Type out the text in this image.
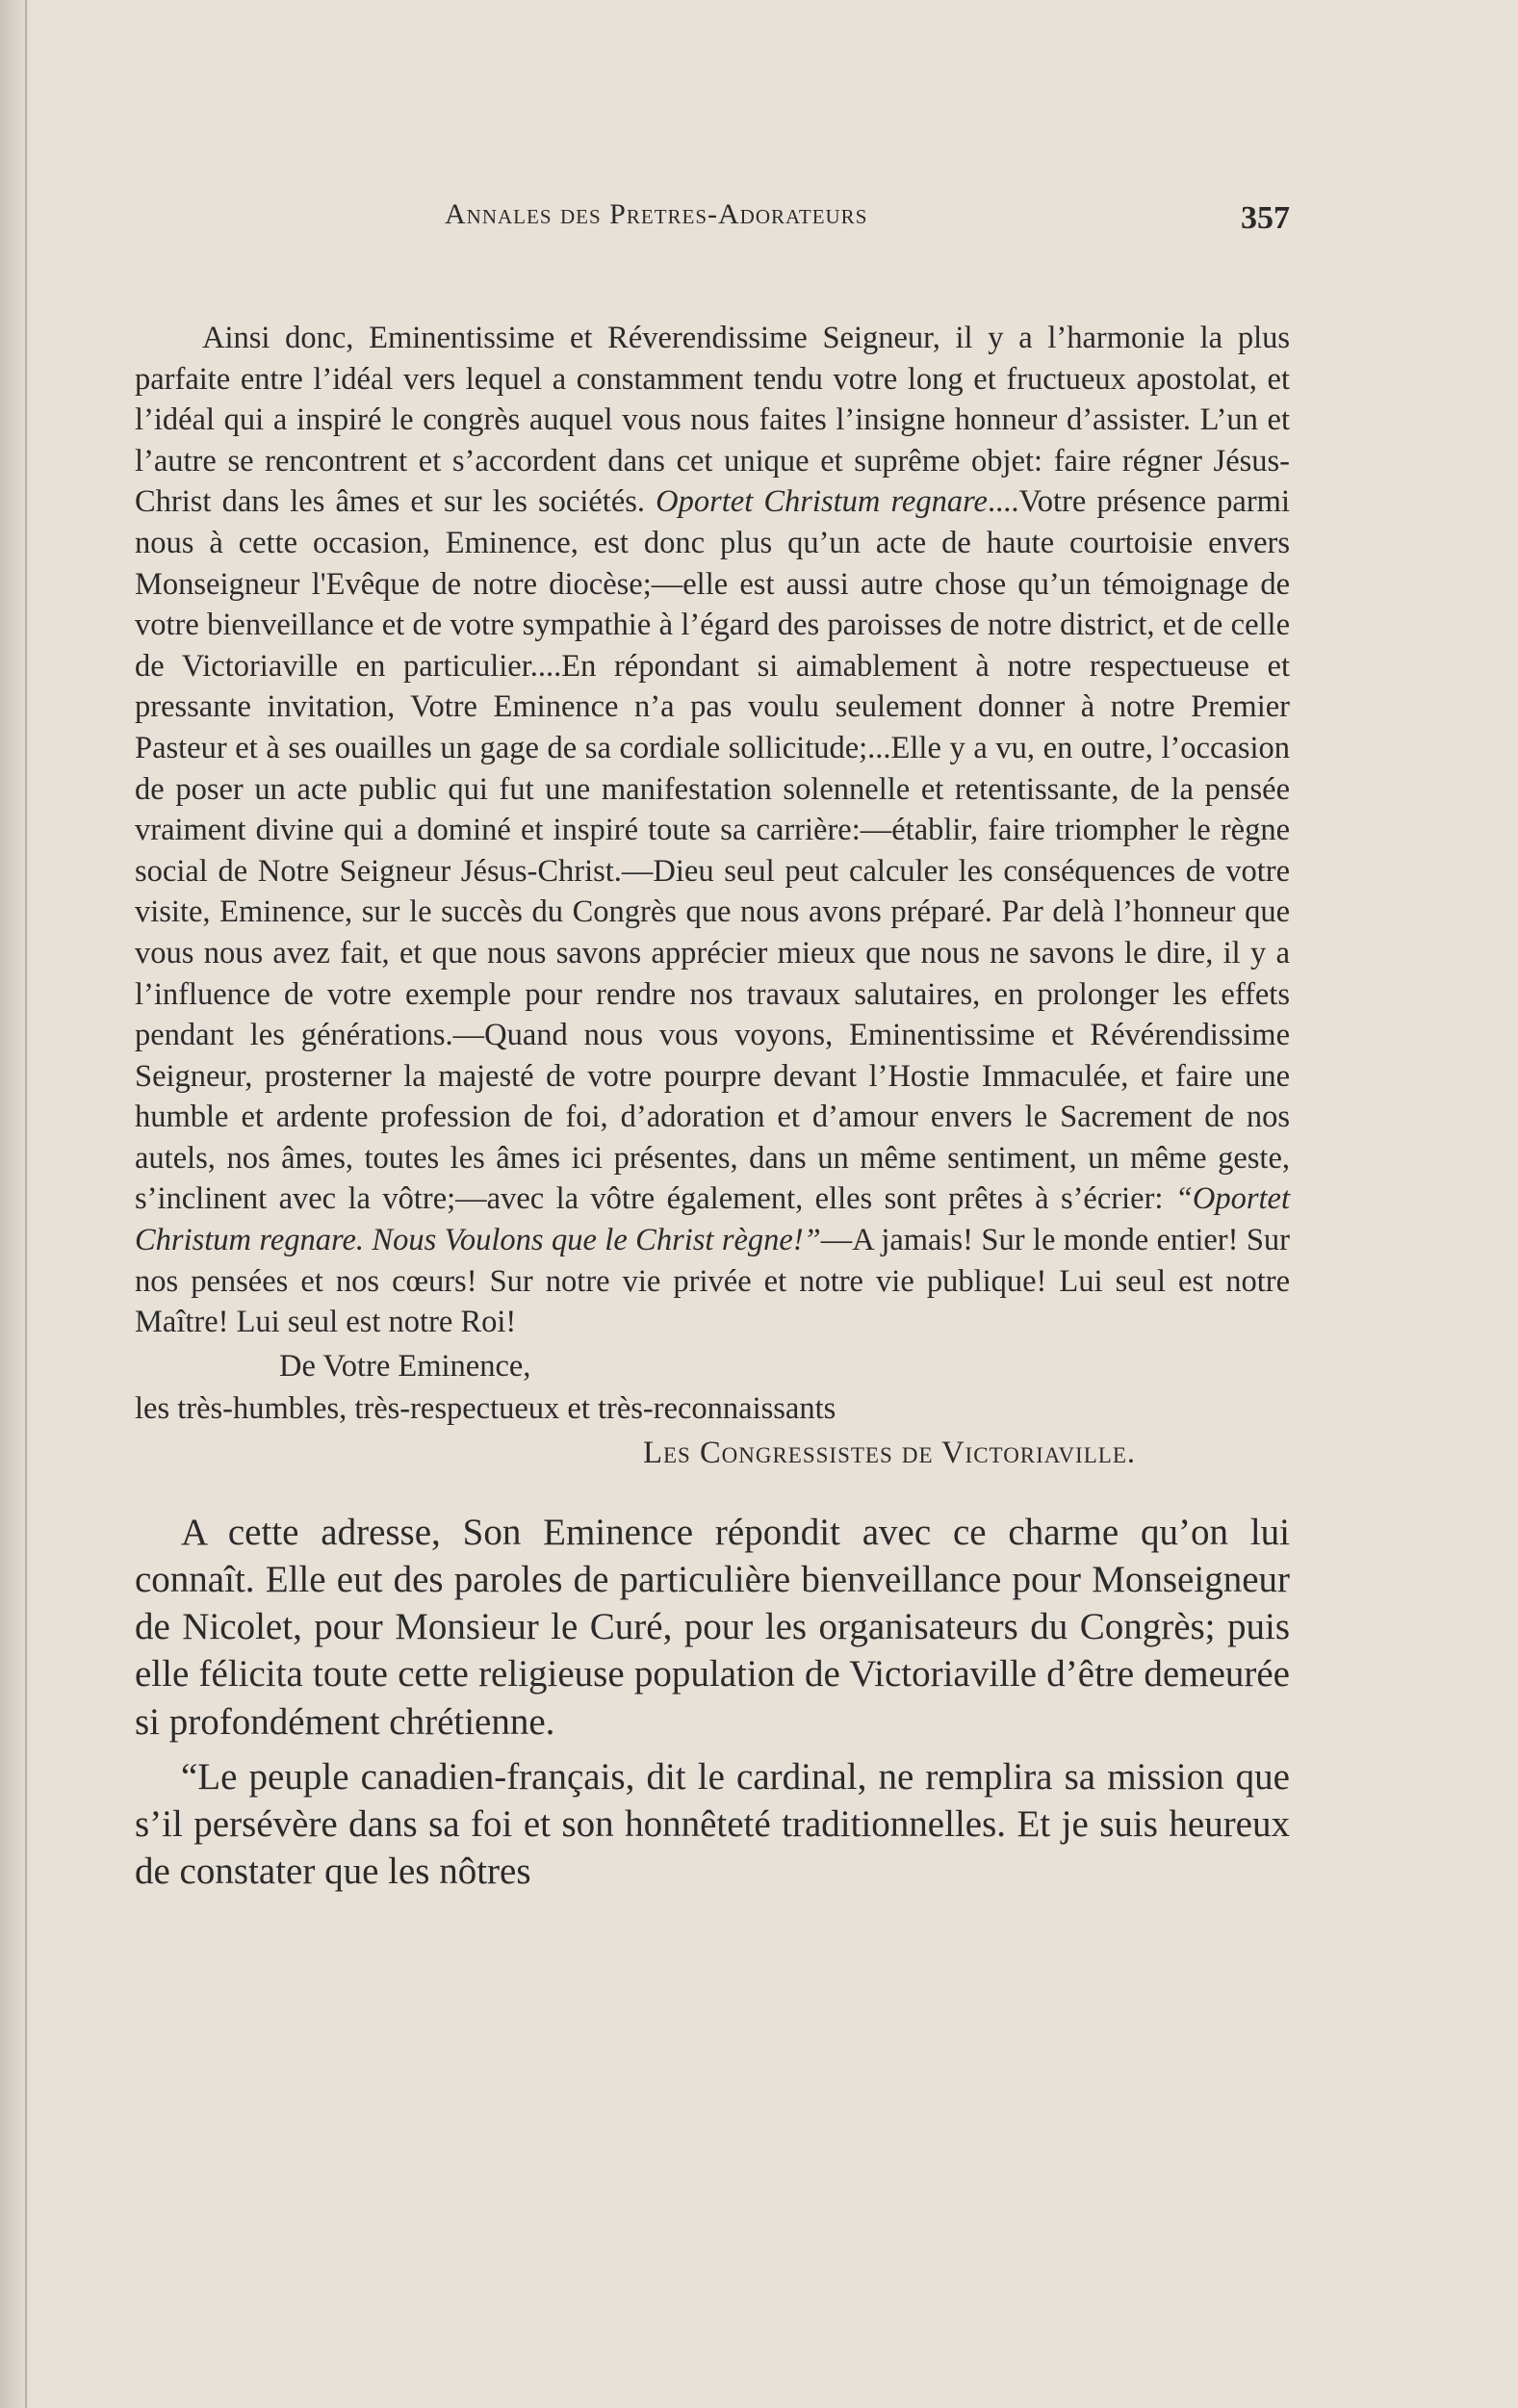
Annales des Pretres-Adorateurs	357

Ainsi donc, Eminentissime et Réverendissime Seigneur, il y a l’harmonie la plus parfaite entre l’idéal vers lequel a constamment tendu votre long et fructueux apostolat, et l’idéal qui a inspiré le congrès auquel vous nous faites l’insigne honneur d’assister. L’un et l’autre se rencontrent et s’accordent dans cet unique et suprême objet: faire régner Jésus-Christ dans les âmes et sur les sociétés. Oportet Christum regnare....Votre présence parmi nous à cette occasion, Eminence, est donc plus qu’un acte de haute courtoisie envers Monseigneur l'Evêque de notre diocèse;—elle est aussi autre chose qu’un témoignage de votre bienveillance et de votre sympathie à l’égard des paroisses de notre district, et de celle de Victoriaville en particulier....En répondant si aimablement à notre respectueuse et pressante invitation, Votre Eminence n’a pas voulu seulement donner à notre Premier Pasteur et à ses ouailles un gage de sa cordiale sollicitude;...Elle y a vu, en outre, l’occasion de poser un acte public qui fut une manifestation solennelle et retentissante, de la pensée vraiment divine qui a dominé et inspiré toute sa carrière:—établir, faire triompher le règne social de Notre Seigneur Jésus-Christ.—Dieu seul peut calculer les conséquences de votre visite, Eminence, sur le succès du Congrès que nous avons préparé. Par delà l’honneur que vous nous avez fait, et que nous savons apprécier mieux que nous ne savons le dire, il y a l’influence de votre exemple pour rendre nos travaux salutaires, en prolonger les effets pendant les générations.—Quand nous vous voyons, Eminentissime et Révérendissime Seigneur, prosterner la majesté de votre pourpre devant l’Hostie Immaculée, et faire une humble et ardente profession de foi, d’adoration et d’amour envers le Sacrement de nos autels, nos âmes, toutes les âmes ici présentes, dans un même sentiment, un même geste, s’inclinent avec la vôtre;—avec la vôtre également, elles sont prêtes à s’écrier: “Oportet Christum regnare. Nous Voulons que le Christ règne!”—A jamais! Sur le monde entier! Sur nos pensées et nos cœurs! Sur notre vie privée et notre vie publique! Lui seul est notre Maître! Lui seul est notre Roi!

De Votre Eminence,

les très-humbles, très-respectueux et très-reconnaissants

Les Congressistes de Victoriaville.

A cette adresse, Son Eminence répondit avec ce charme qu’on lui connaît. Elle eut des paroles de particulière bienveillance pour Monseigneur de Nicolet, pour Monsieur le Curé, pour les organisateurs du Congrès; puis elle félicita toute cette religieuse population de Victoriaville d’être demeurée si profondément chrétienne.

“Le peuple canadien-français, dit le cardinal, ne remplira sa mission que s’il persévère dans sa foi et son honnêteté traditionnelles. Et je suis heureux de constater que les nôtres
